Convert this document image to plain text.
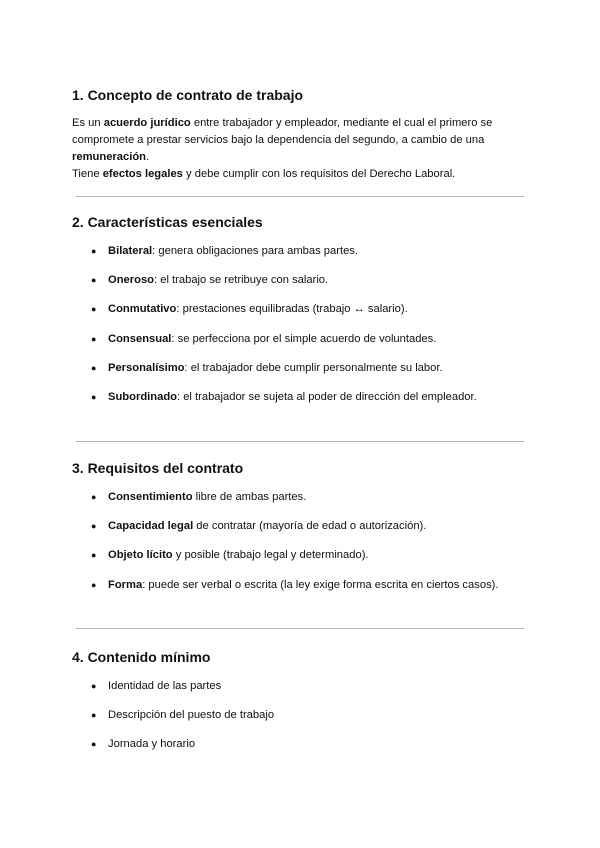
1. Concepto de contrato de trabajo

Es un acuerdo jurídico entre trabajador y empleador, mediante el cual el primero se compromete a prestar servicios bajo la dependencia del segundo, a cambio de una remuneración.

Tiene efectos legales y debe cumplir con los requisitos del Derecho Laboral.

2. Características esenciales
● Bilateral: genera obligaciones para ambas partes.
● Oneroso: el trabajo se retribuye con salario.
● Conmutativo: prestaciones equilibradas (trabajo ↔ salario).
● Consensual: se perfecciona por el simple acuerdo de voluntades.
● Personalísimo: el trabajador debe cumplir personalmente su labor.
● Subordinado: el trabajador se sujeta al poder de dirección del empleador.
3. Requisitos del contrato
● Consentimiento libre de ambas partes.
● Capacidad legal de contratar (mayoría de edad o autorización).
● Objeto lícito y posible (trabajo legal y determinado).
● Forma: puede ser verbal o escrita (la ley exige forma escrita en ciertos casos).
4. Contenido mínimo
● Identidad de las partes
● Descripción del puesto de trabajo
● Jornada y horario
